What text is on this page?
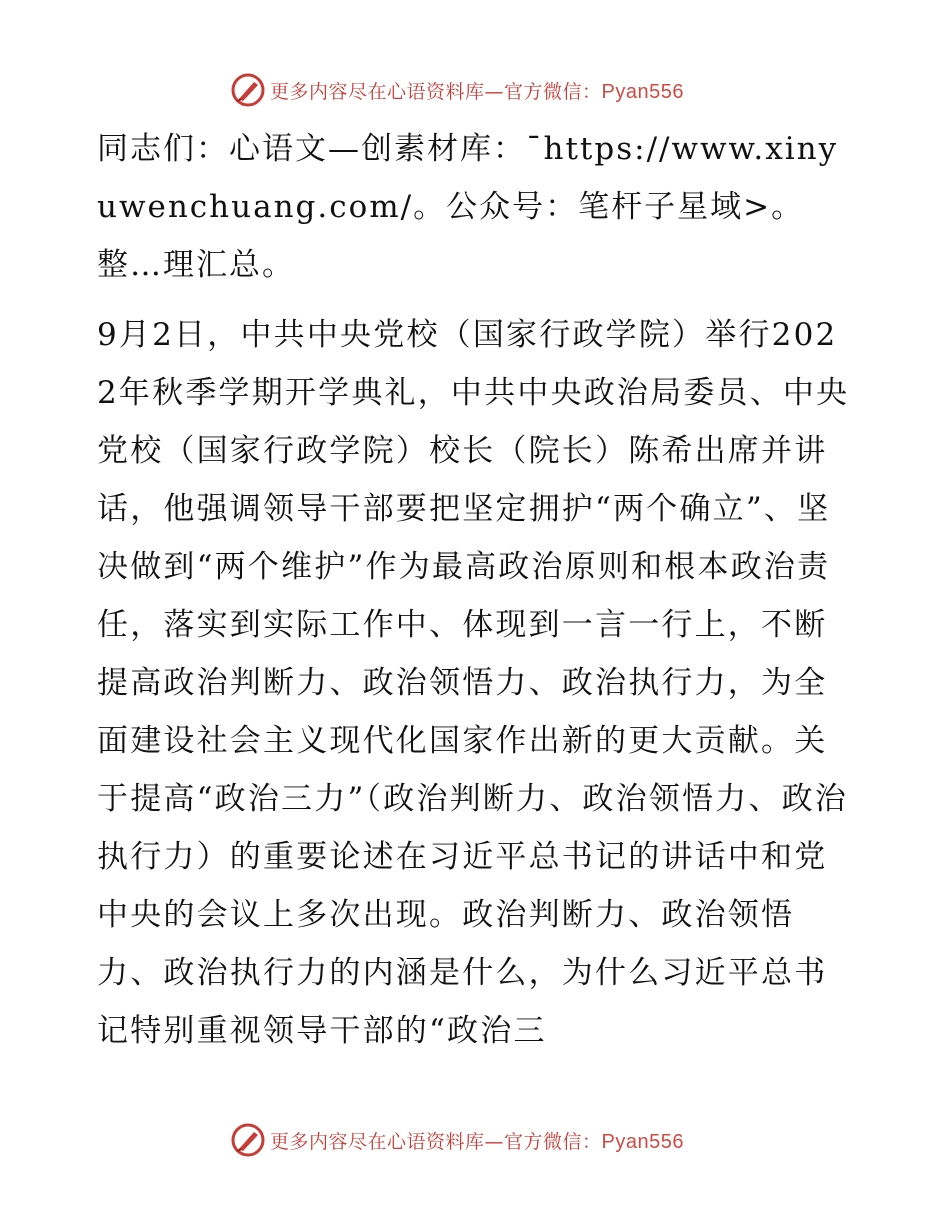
更多内容尽在心语资料库—官方微信：Pyan556

同志们：心语文—创素材库：¯https://www.xinyuwenchuang.com/。公众号：笔杆子星域>。整…理汇总。

9月2日，中共中央党校（国家行政学院）举行2022年秋季学期开学典礼，中共中央政治局委员、中央党校（国家行政学院）校长（院长）陈希出席并讲话，他强调领导干部要把坚定拥护“两个确立”、坚决做到“两个维护”作为最高政治原则和根本政治责任，落实到实际工作中、体现到一言一行上，不断提高政治判断力、政治领悟力、政治执行力，为全面建设社会主义现代化国家作出新的更大贡献。关于提高“政治三力”（政治判断力、政治领悟力、政治执行力）的重要论述在习近平总书记的讲话中和党中央的会议上多次出现。政治判断力、政治领悟力、政治执行力的内涵是什么，为什么习近平总书记特别重视领导干部的“政治三

更多内容尽在心语资料库—官方微信：Pyan556
